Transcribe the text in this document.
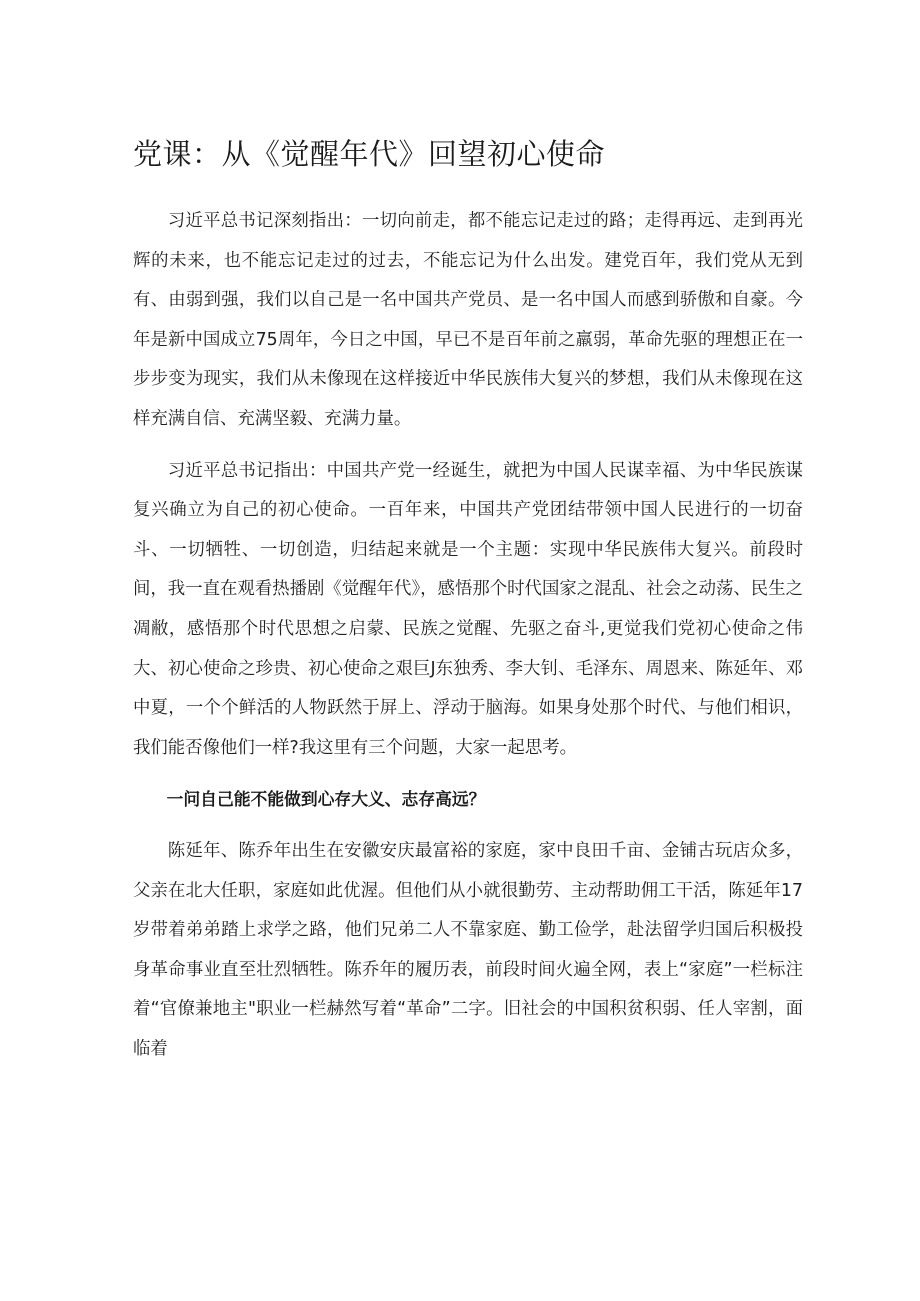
党课：从《觉醒年代》回望初心使命

习近平总书记深刻指出：一切向前走，都不能忘记走过的路；走得再远、走到再光辉的未来，也不能忘记走过的过去，不能忘记为什么出发。建党百年，我们党从无到有、由弱到强，我们以自己是一名中国共产党员、是一名中国人而感到骄傲和自豪。今年是新中国成立75周年，今日之中国，早已不是百年前之羸弱，革命先驱的理想正在一步步变为现实，我们从未像现在这样接近中华民族伟大复兴的梦想，我们从未像现在这样充满自信、充满坚毅、充满力量。

习近平总书记指出：中国共产党一经诞生，就把为中国人民谋幸福、为中华民族谋复兴确立为自己的初心使命。一百年来，中国共产党团结带领中国人民进行的一切奋斗、一切牺牲、一切创造，归结起来就是一个主题：实现中华民族伟大复兴。前段时间，我一直在观看热播剧《觉醒年代》，感悟那个时代国家之混乱、社会之动荡、民生之凋敝，感悟那个时代思想之启蒙、民族之觉醒、先驱之奋斗,更觉我们党初心使命之伟大、初心使命之珍贵、初心使命之艰巨J东独秀、李大钊、毛泽东、周恩来、陈延年、邓中夏，一个个鲜活的人物跃然于屏上、浮动于脑海。如果身处那个时代、与他们相识，我们能否像他们一样?我这里有三个问题，大家一起思考。

一问自己能不能做到心存大义、志存高远？

陈延年、陈乔年出生在安徽安庆最富裕的家庭，家中良田千亩、金铺古玩店众多，父亲在北大任职，家庭如此优渥。但他们从小就很勤劳、主动帮助佣工干活，陈延年17岁带着弟弟踏上求学之路，他们兄弟二人不靠家庭、勤工俭学，赴法留学归国后积极投身革命事业直至壮烈牺牲。陈乔年的履历表，前段时间火遍全网，表上“家庭”一栏标注着“官僚兼地主"职业一栏赫然写着“革命”二字。旧社会的中国积贫积弱、任人宰割，面临着
